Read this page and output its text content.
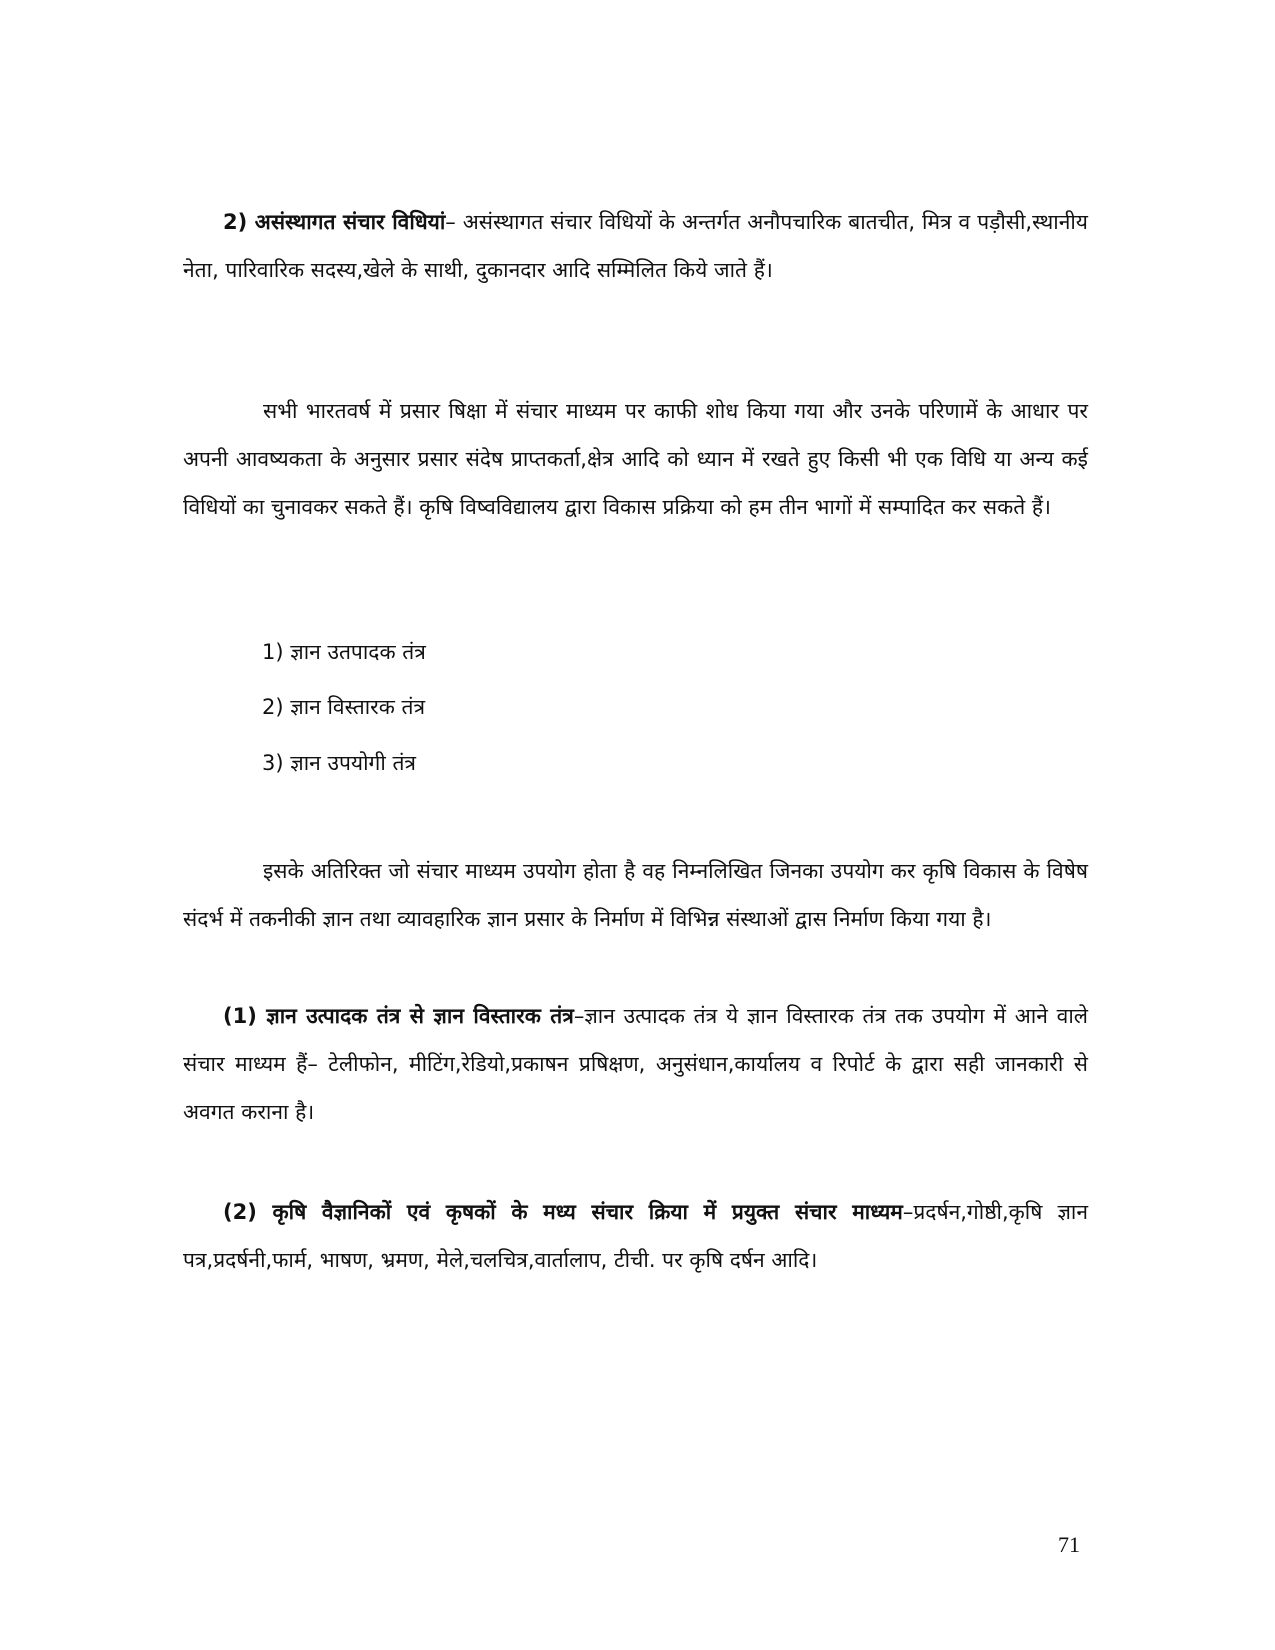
2) असंस्थागत संचार विधियां– असंस्थागत संचार विधियों के अन्तर्गत अनौपचारिक बातचीत, मित्र व पड़ौसी,स्थानीय नेता, पारिवारिक सदस्य,खेले के साथी, दुकानदार आदि सम्मिलित किये जाते हैं।

सभी भारतवर्ष में प्रसार षिक्षा में संचार माध्यम पर काफी शोध किया गया और उनके परिणामें के आधार पर अपनी आवष्यकता के अनुसार प्रसार संदेष प्राप्तकर्ता,क्षेत्र आदि को ध्यान में रखते हुए किसी भी एक विधि या अन्य कई विधियों का चुनावकर सकते हैं। कृषि विष्वविद्यालय द्वारा विकास प्रक्रिया को हम तीन भागों में सम्पादित कर सकते हैं।

1) ज्ञान उतपादक तंत्र

2) ज्ञान विस्तारक तंत्र

3) ज्ञान उपयोगी तंत्र

इसके अतिरिक्त जो संचार माध्यम उपयोग होता है वह निम्नलिखित जिनका उपयोग कर कृषि विकास के विषेष संदर्भ में तकनीकी ज्ञान तथा व्यावहारिक ज्ञान प्रसार के निर्माण में विभिन्न संस्थाओं द्वास निर्माण किया गया है।

(1) ज्ञान उत्पादक तंत्र से ज्ञान विस्तारक तंत्र–ज्ञान उत्पादक तंत्र ये ज्ञान विस्तारक तंत्र तक उपयोग में आने वाले संचार माध्यम हैं– टेलीफोन, मीटिंग,रेडियो,प्रकाषन प्रषिक्षण, अनुसंधान,कार्यालय व रिपोर्ट के द्वारा सही जानकारी से अवगत कराना है।

(2) कृषि वैज्ञानिकों एवं कृषकों के मध्य संचार क्रिया में प्रयुक्त संचार माध्यम–प्रदर्षन,गोष्ठी,कृषि ज्ञान पत्र,प्रदर्षनी,फार्म, भाषण, भ्रमण, मेले,चलचित्र,वार्तालाप, टीची. पर कृषि दर्षन आदि।

71
